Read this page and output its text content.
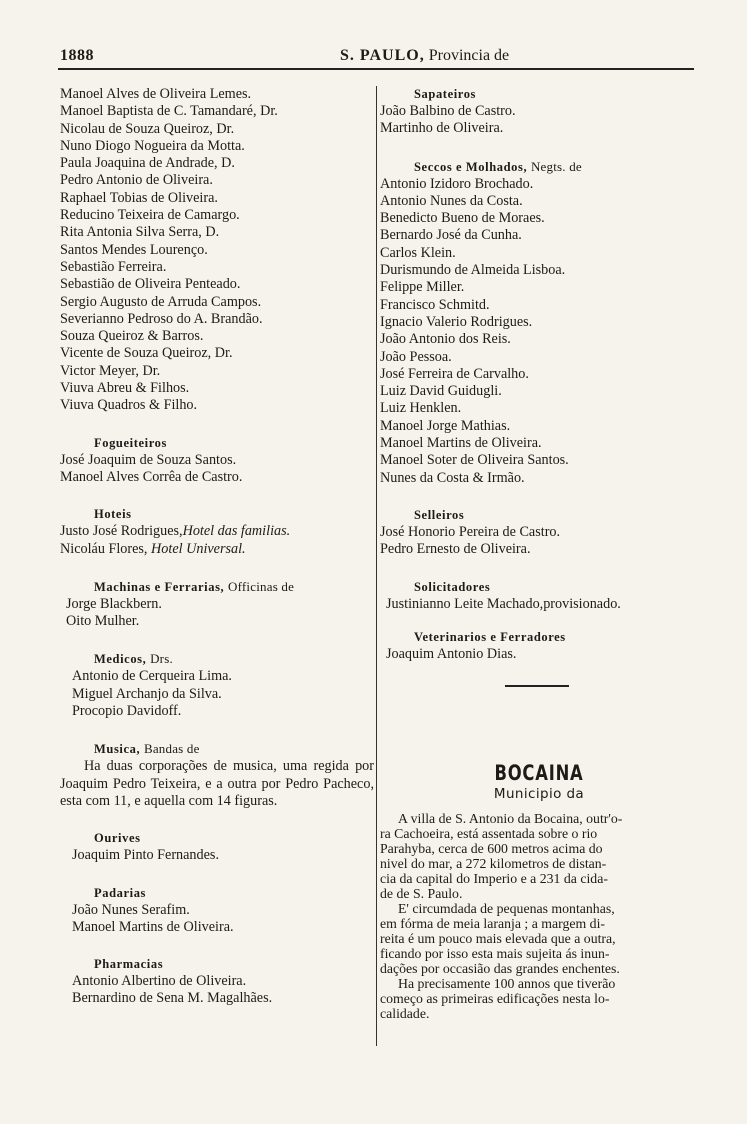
1888	S. PAULO, Provincia de
Manoel Alves de Oliveira Lemes.
Manoel Baptista de C. Tamandaré, Dr.
Nicolau de Souza Queiroz, Dr.
Nuno Diogo Nogueira da Motta.
Paula Joaquina de Andrade, D.
Pedro Antonio de Oliveira.
Raphael Tobias de Oliveira.
Reducino Teixeira de Camargo.
Rita Antonia Silva Serra, D.
Santos Mendes Lourenço.
Sebastião Ferreira.
Sebastião de Oliveira Penteado.
Sergio Augusto de Arruda Campos.
Severianno Pedroso do A. Brandão.
Souza Queiroz & Barros.
Vicente de Souza Queiroz, Dr.
Victor Meyer, Dr.
Viuva Abreu & Filhos.
Viuva Quadros & Filho.
Fogueiteiros
José Joaquim de Souza Santos.
Manoel Alves Corrêa de Castro.
Hoteis
Justo José Rodrigues,Hotel das familias.
Nicoláu Flores, Hotel Universal.
Machinas e Ferrarias, Officinas de
Jorge Blackbern.
Oito Mulher.
Medicos, Drs.
Antonio de Cerqueira Lima.
Miguel Archanjo da Silva.
Procopio Davidoff.
Musica, Bandas de
Ha duas corporações de musica, uma regida por Joaquim Pedro Teixeira, e a outra por Pedro Pacheco, esta com 11, e aquella com 14 figuras.
Ourives
Joaquim Pinto Fernandes.
Padarias
João Nunes Serafim.
Manoel Martins de Oliveira.
Pharmacias
Antonio Albertino de Oliveira.
Bernardino de Sena M. Magalhães.
Sapateiros
João Balbino de Castro.
Martinho de Oliveira.
Seccos e Molhados, Negts. de
Antonio Izidoro Brochado.
Antonio Nunes da Costa.
Benedicto Bueno de Moraes.
Bernardo José da Cunha.
Carlos Klein.
Durismundo de Almeida Lisboa.
Felippe Miller.
Francisco Schmitd.
Ignacio Valerio Rodrigues.
João Antonio dos Reis.
João Pessoa.
José Ferreira de Carvalho.
Luiz David Guidugli.
Luiz Henklen.
Manoel Jorge Mathias.
Manoel Martins de Oliveira.
Manoel Soter de Oliveira Santos.
Nunes da Costa & Irmão.
Selleiros
José Honorio Pereira de Castro.
Pedro Ernesto de Oliveira.
Solicitadores
Justinianno Leite Machado,provisionado.
Veterinarios e Ferradores
Joaquim Antonio Dias.
BOCAINA
Municipio da
A villa de S. Antonio da Bocaina, outr'o-
ra Cachoeira, está assentada sobre o rio
Parahyba, cerca de 600 metros acima do
nivel do mar, a 272 kilometros de distan-
cia da capital do Imperio e a 231 da cida-
de de S. Paulo.
E' circumdada de pequenas montanhas,
em fórma de meia laranja ; a margem di-
reita é um pouco mais elevada que a outra,
ficando por isso esta mais sujeita ás inun-
dações por occasião das grandes enchentes.
Ha precisamente 100 annos que tiverão
começo as primeiras edificações nesta lo-
calidade.
